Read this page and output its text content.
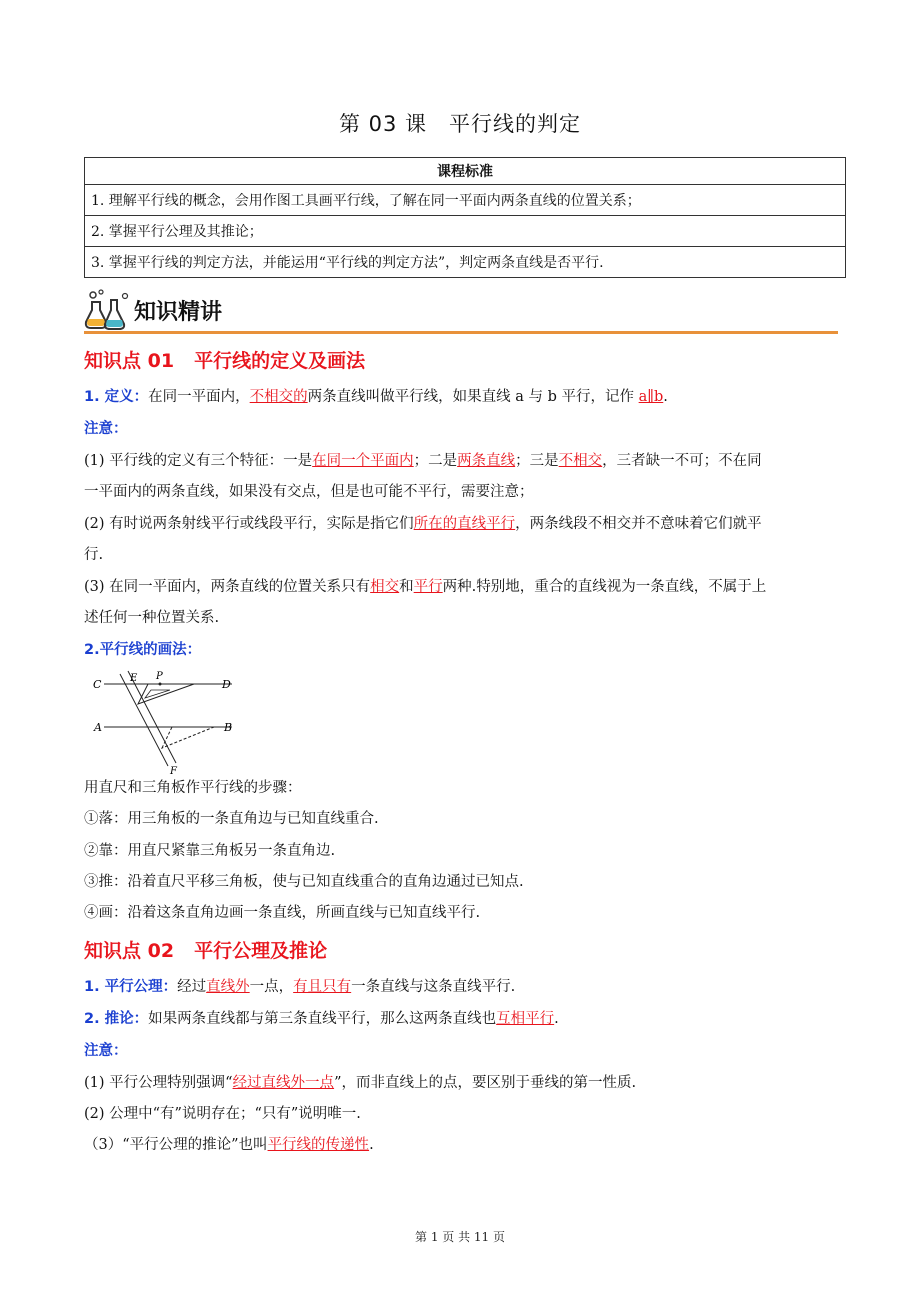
第 03 课 平行线的判定
课程标准
1. 理解平行线的概念，会用作图工具画平行线，了解在同一平面内两条直线的位置关系；
2. 掌握平行公理及其推论；
3. 掌握平行线的判定方法，并能运用“平行线的判定方法”，判定两条直线是否平行.
知识精讲
知识点 01 平行线的定义及画法
1. 定义：在同一平面内，不相交的两条直线叫做平行线，如果直线 a 与 b 平行，记作 a∥b.
注意：
(1) 平行线的定义有三个特征：一是在同一个平面内；二是两条直线；三是不相交，三者缺一不可；不在同
一平面内的两条直线，如果没有交点，但是也可能不平行，需要注意；
(2) 有时说两条射线平行或线段平行，实际是指它们所在的直线平行，两条线段不相交并不意味着它们就平
行.
(3) 在同一平面内，两条直线的位置关系只有相交和平行两种.特别地，重合的直线视为一条直线，不属于上
述任何一种位置关系.
2.平行线的画法：
C	E P
D
A	B
F
用直尺和三角板作平行线的步骤：
①落：用三角板的一条直角边与已知直线重合.
②靠：用直尺紧靠三角板另一条直角边.
③推：沿着直尺平移三角板，使与已知直线重合的直角边通过已知点.
④画：沿着这条直角边画一条直线，所画直线与已知直线平行.
知识点 02 平行公理及推论
1. 平行公理：经过直线外一点，有且只有一条直线与这条直线平行.
2. 推论：如果两条直线都与第三条直线平行，那么这两条直线也互相平行.
注意：
(1) 平行公理特别强调“经过直线外一点”，而非直线上的点，要区别于垂线的第一性质.
(2) 公理中“有”说明存在；“只有”说明唯一.
（3）“平行公理的推论”也叫平行线的传递性.
第 1 页 共 11 页
